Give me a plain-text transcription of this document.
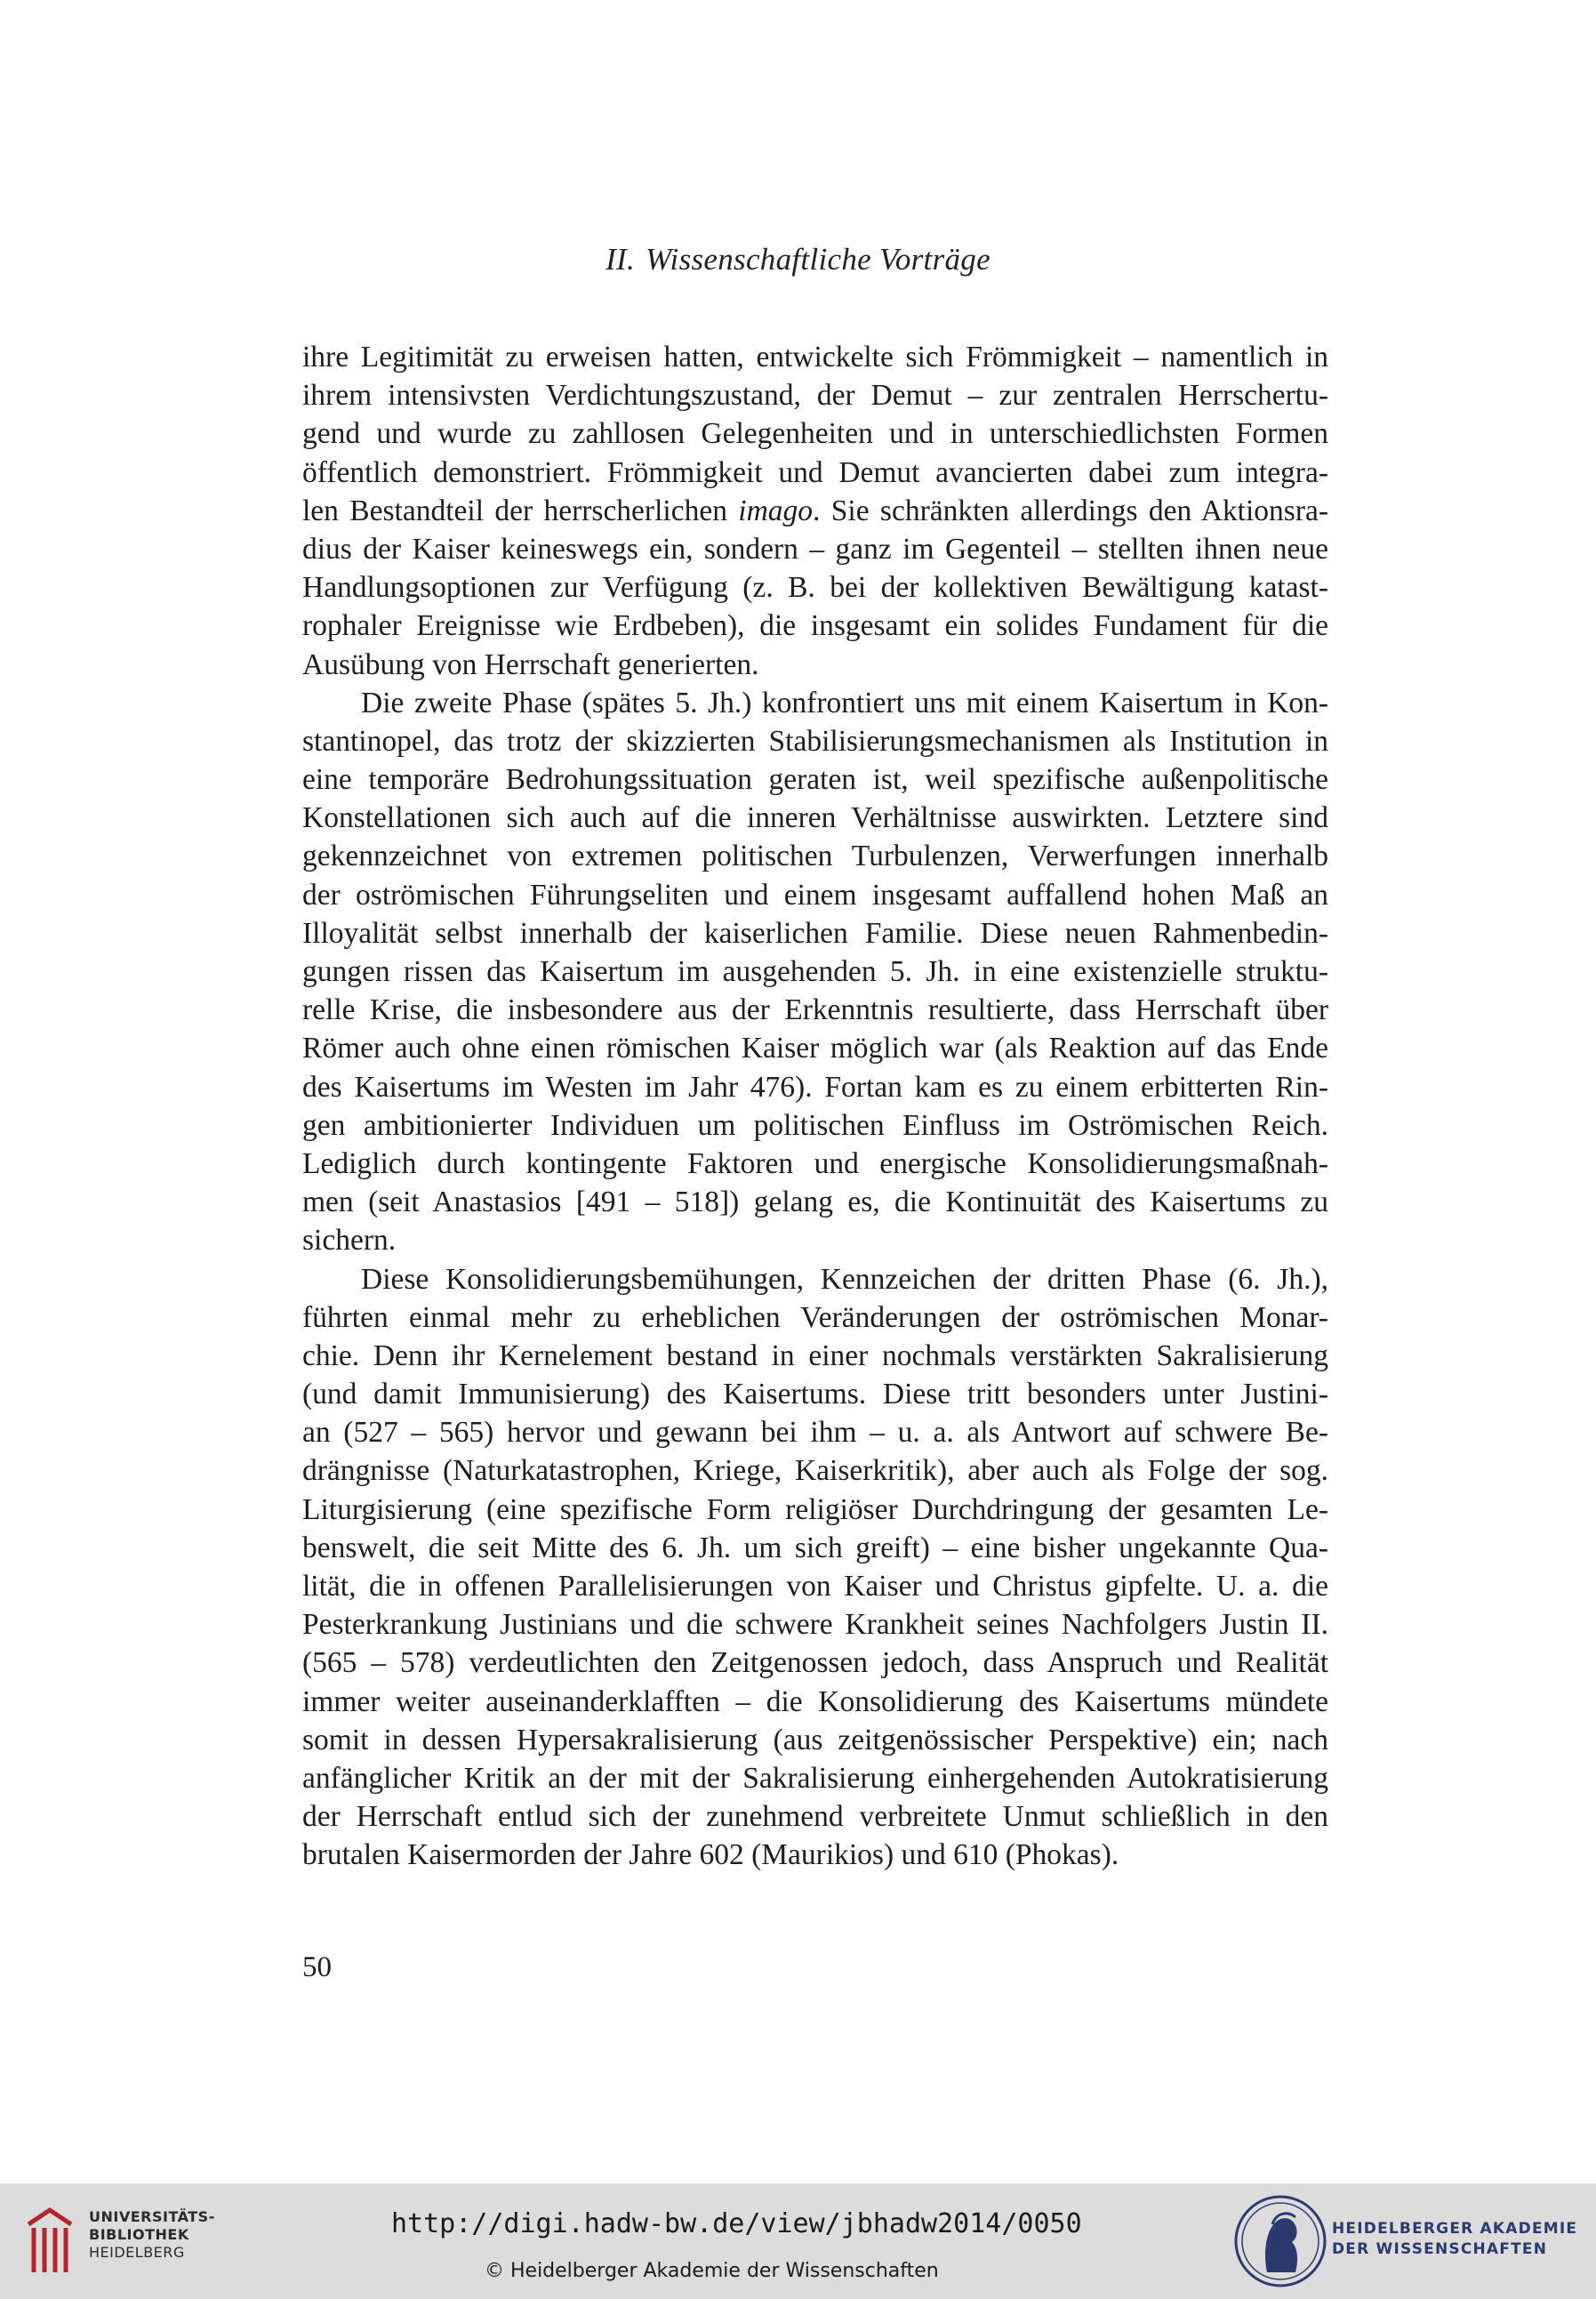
II. Wissenschaftliche Vorträge
ihre Legitimität zu erweisen hatten, entwickelte sich Frömmigkeit – namentlich in
ihrem intensivsten Verdichtungszustand, der Demut – zur zentralen Herrschertu-
gend und wurde zu zahllosen Gelegenheiten und in unterschiedlichsten Formen
öffentlich demonstriert. Frömmigkeit und Demut avancierten dabei zum integra-
len Bestandteil der herrscherlichen imago. Sie schränkten allerdings den Aktionsra-
dius der Kaiser keineswegs ein, sondern – ganz im Gegenteil – stellten ihnen neue
Handlungsoptionen zur Verfügung (z. B. bei der kollektiven Bewältigung katast-
rophaler Ereignisse wie Erdbeben), die insgesamt ein solides Fundament für die
Ausübung von Herrschaft generierten.
Die zweite Phase (spätes 5. Jh.) konfrontiert uns mit einem Kaisertum in Kon-
stantinopel, das trotz der skizzierten Stabilisierungsmechanismen als Institution in
eine temporäre Bedrohungssituation geraten ist, weil spezifische außenpolitische
Konstellationen sich auch auf die inneren Verhältnisse auswirkten. Letztere sind
gekennzeichnet von extremen politischen Turbulenzen, Verwerfungen innerhalb
der oströmischen Führungseliten und einem insgesamt auffallend hohen Maß an
Illoyalität selbst innerhalb der kaiserlichen Familie. Diese neuen Rahmenbedin-
gungen rissen das Kaisertum im ausgehenden 5. Jh. in eine existenzielle struktu-
relle Krise, die insbesondere aus der Erkenntnis resultierte, dass Herrschaft über
Römer auch ohne einen römischen Kaiser möglich war (als Reaktion auf das Ende
des Kaisertums im Westen im Jahr 476). Fortan kam es zu einem erbitterten Rin-
gen ambitionierter Individuen um politischen Einfluss im Oströmischen Reich.
Lediglich durch kontingente Faktoren und energische Konsolidierungsmaßnah-
men (seit Anastasios [491 – 518]) gelang es, die Kontinuität des Kaisertums zu
sichern.
Diese Konsolidierungsbemühungen, Kennzeichen der dritten Phase (6. Jh.),
führten einmal mehr zu erheblichen Veränderungen der oströmischen Monar-
chie. Denn ihr Kernelement bestand in einer nochmals verstärkten Sakralisierung
(und damit Immunisierung) des Kaisertums. Diese tritt besonders unter Justini-
an (527 – 565) hervor und gewann bei ihm – u. a. als Antwort auf schwere Be-
drängnisse (Naturkatastrophen, Kriege, Kaiserkritik), aber auch als Folge der sog.
Liturgisierung (eine spezifische Form religiöser Durchdringung der gesamten Le-
benswelt, die seit Mitte des 6. Jh. um sich greift) – eine bisher ungekannte Qua-
lität, die in offenen Parallelisierungen von Kaiser und Christus gipfelte. U. a. die
Pesterkrankung Justinians und die schwere Krankheit seines Nachfolgers Justin II.
(565 – 578) verdeutlichten den Zeitgenossen jedoch, dass Anspruch und Realität
immer weiter auseinanderklafften – die Konsolidierung des Kaisertums mündete
somit in dessen Hypersakralisierung (aus zeitgenössischer Perspektive) ein; nach
anfänglicher Kritik an der mit der Sakralisierung einhergehenden Autokratisierung
der Herrschaft entlud sich der zunehmend verbreitete Unmut schließlich in den
brutalen Kaisermorden der Jahre 602 (Maurikios) und 610 (Phokas).
50
UNIVERSITÄTS-
BIBLIOTHEK
HEIDELBERG
http://digi.hadw-bw.de/view/jbhadw2014/0050
© Heidelberger Akademie der Wissenschaften
HEIDELBERGER AKADEMIE
DER WISSENSCHAFTEN
